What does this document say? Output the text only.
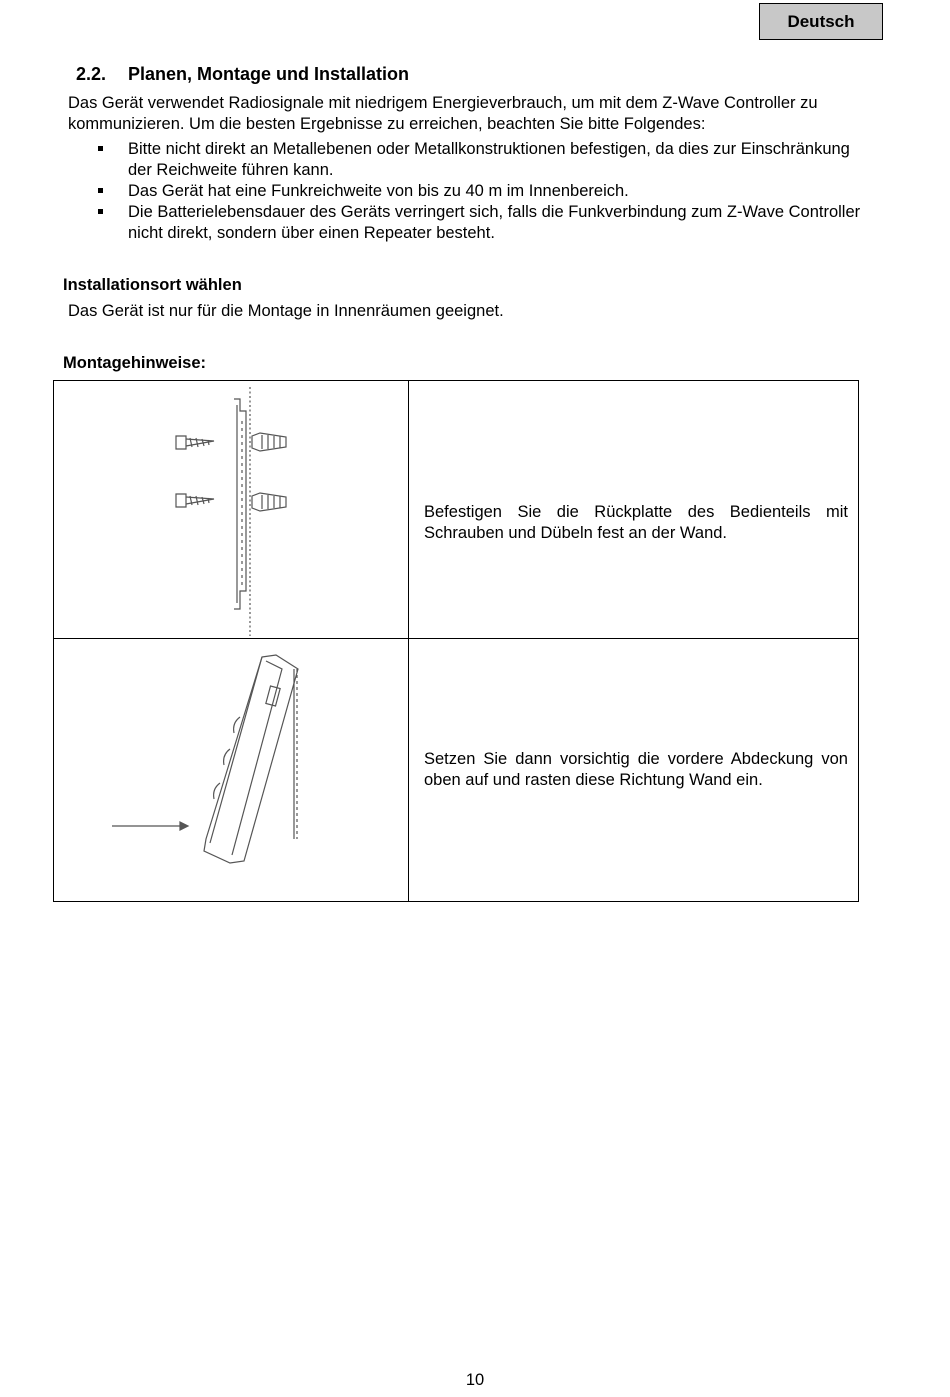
Deutsch
2.2. Planen, Montage und Installation
Das Gerät verwendet Radiosignale mit niedrigem Energieverbrauch, um mit dem Z-Wave Controller zu kommunizieren. Um die besten Ergebnisse zu erreichen, beachten Sie bitte Folgendes:
Bitte nicht direkt an Metallebenen oder Metallkonstruktionen befestigen, da dies zur Einschränkung der Reichweite führen kann.
Das Gerät hat eine Funkreichweite von bis zu 40 m im Innenbereich.
Die Batterielebensdauer des Geräts verringert sich, falls die Funkverbindung zum Z-Wave Controller nicht direkt, sondern über einen Repeater besteht.
Installationsort wählen
Das Gerät ist nur für die Montage in Innenräumen geeignet.
Montagehinweise:
Befestigen Sie die Rückplatte des Bedienteils mit Schrauben und Dübeln fest an der Wand.
Setzen Sie dann vorsichtig die vordere Abdeckung von oben auf und rasten diese Richtung Wand ein.
10
